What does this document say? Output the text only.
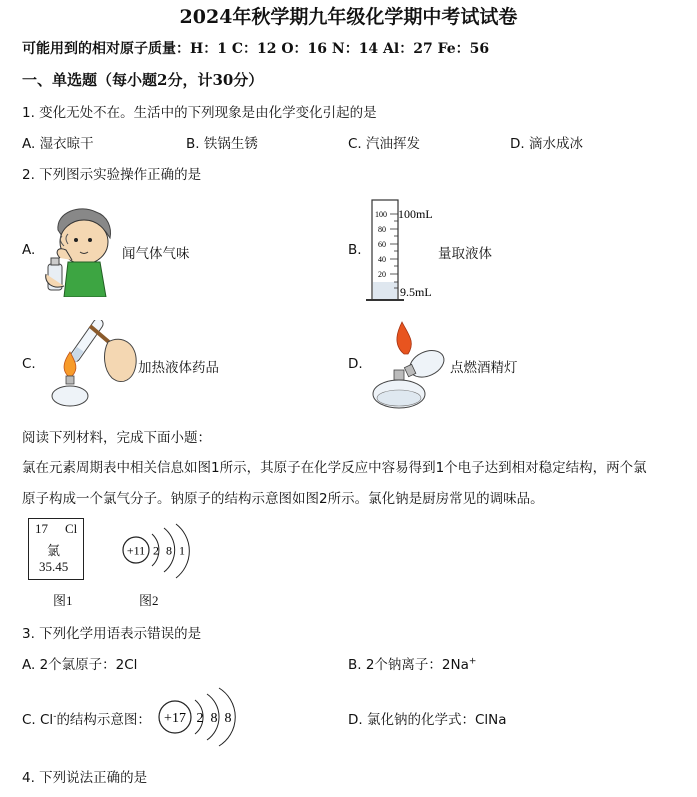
2024年秋学期九年级化学期中考试试卷
可能用到的相对原子质量：H：1 C：12 O：16 N：14 Al：27 Fe：56
一、单选题（每小题2分，计30分）
1. 变化无处不在。生活中的下列现象是由化学变化引起的是
A. 湿衣晾干	B. 铁锅生锈	C. 汽油挥发	D. 滴水成冰
2. 下列图示实验操作正确的是
A.	闻气体气味	B.
100
80
60
40
20
100mL
9.5mL
量取液体
C.	加热液体药品	D.	点燃酒精灯
阅读下列材料，完成下面小题：
氯在元素周期表中相关信息如图1所示，其原子在化学反应中容易得到1个电子达到相对稳定结构，两个氯
原子构成一个氯气分子。钠原子的结构示意图如图2所示。氯化钠是厨房常见的调味品。
17 Cl
氯
35.45
图1
+11 2 8 1
图2
3. 下列化学用语表示错误的是
A. 2个氯原子：2Cl	B. 2个钠离子：2Na+
C. Cl-的结构示意图： +17 2 8 8	D. 氯化钠的化学式：ClNa
4. 下列说法正确的是
